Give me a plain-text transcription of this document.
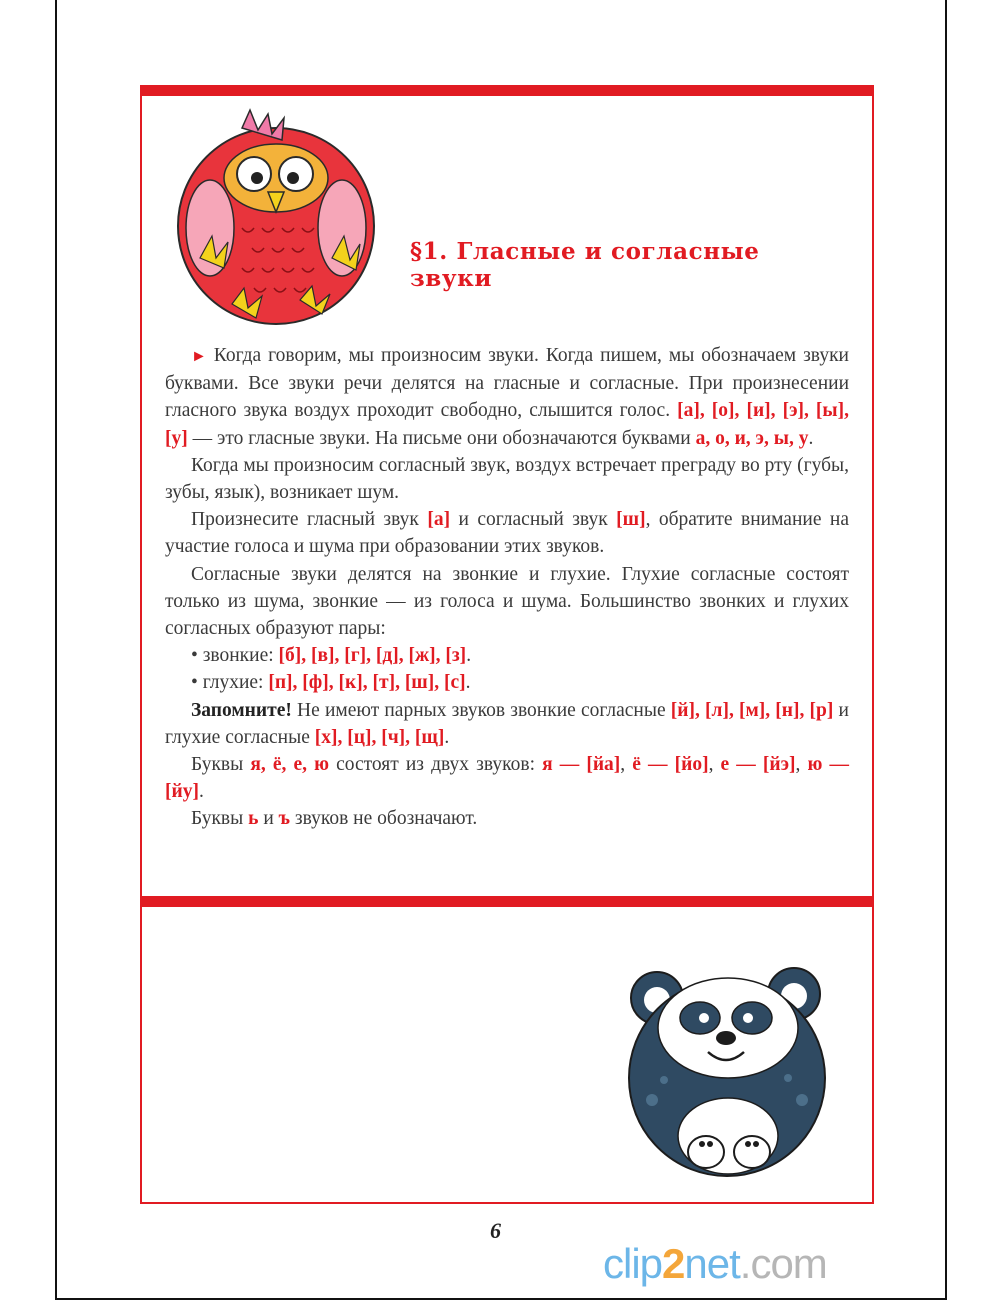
§1. Гласные и согласные звуки

► Когда говорим, мы произносим звуки. Когда пишем, мы обозначаем звуки буквами. Все звуки речи делятся на гласные и согласные. При произнесении гласного звука воздух проходит свободно, слышится голос. [а], [о], [и], [э], [ы], [у] — это гласные звуки. На письме они обозначаются буквами а, о, и, э, ы, у.

Когда мы произносим согласный звук, воздух встречает преграду во рту (губы, зубы, язык), возникает шум.

Произнесите гласный звук [а] и согласный звук [ш], обратите внимание на участие голоса и шума при образовании этих звуков.

Согласные звуки делятся на звонкие и глухие. Глухие согласные состоят только из шума, звонкие — из голоса и шума. Большинство звонких и глухих согласных образуют пары:

• звонкие: [б], [в], [г], [д], [ж], [з].

• глухие: [п], [ф], [к], [т], [ш], [с].

Запомните! Не имеют парных звуков звонкие согласные [й], [л], [м], [н], [р] и глухие согласные [х], [ц], [ч], [щ].

Буквы я, ё, е, ю состоят из двух звуков: я — [йа], ё — [йо], е — [йэ], ю — [йу].

Буквы ь и ъ звуков не обозначают.

6
clip2net.com
